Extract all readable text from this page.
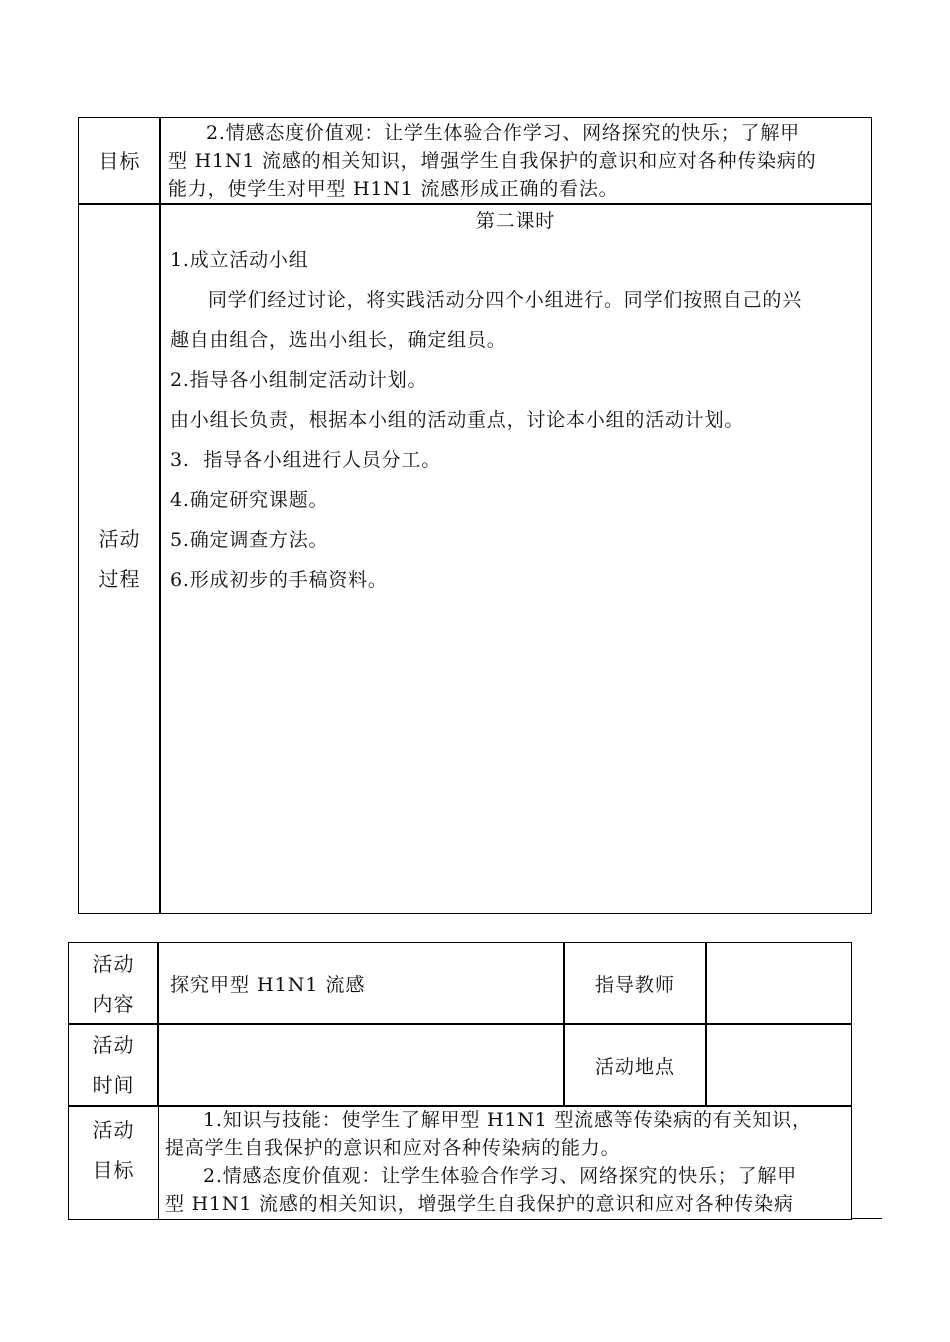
目标

2.情感态度价值观：让学生体验合作学习、网络探究的快乐；了解甲

型 H1N1 流感的相关知识，增强学生自我保护的意识和应对各种传染病的

能力，使学生对甲型 H1N1 流感形成正确的看法。

活动
过程

第二课时

1.成立活动小组

同学们经过讨论，将实践活动分四个小组进行。同学们按照自己的兴

趣自由组合，选出小组长，确定组员。

2.指导各小组制定活动计划。

由小组长负责，根据本小组的活动重点，讨论本小组的活动计划。

3.  指导各小组进行人员分工。

4.确定研究课题。

5.确定调查方法。

6.形成初步的手稿资料。

活动
内容
探究甲型 H1N1 流感	指导教师
活动
时间
活动地点
活动
目标

1.知识与技能：使学生了解甲型 H1N1 型流感等传染病的有关知识，

提高学生自我保护的意识和应对各种传染病的能力。

2.情感态度价值观：让学生体验合作学习、网络探究的快乐；了解甲

型 H1N1 流感的相关知识，增强学生自我保护的意识和应对各种传染病
